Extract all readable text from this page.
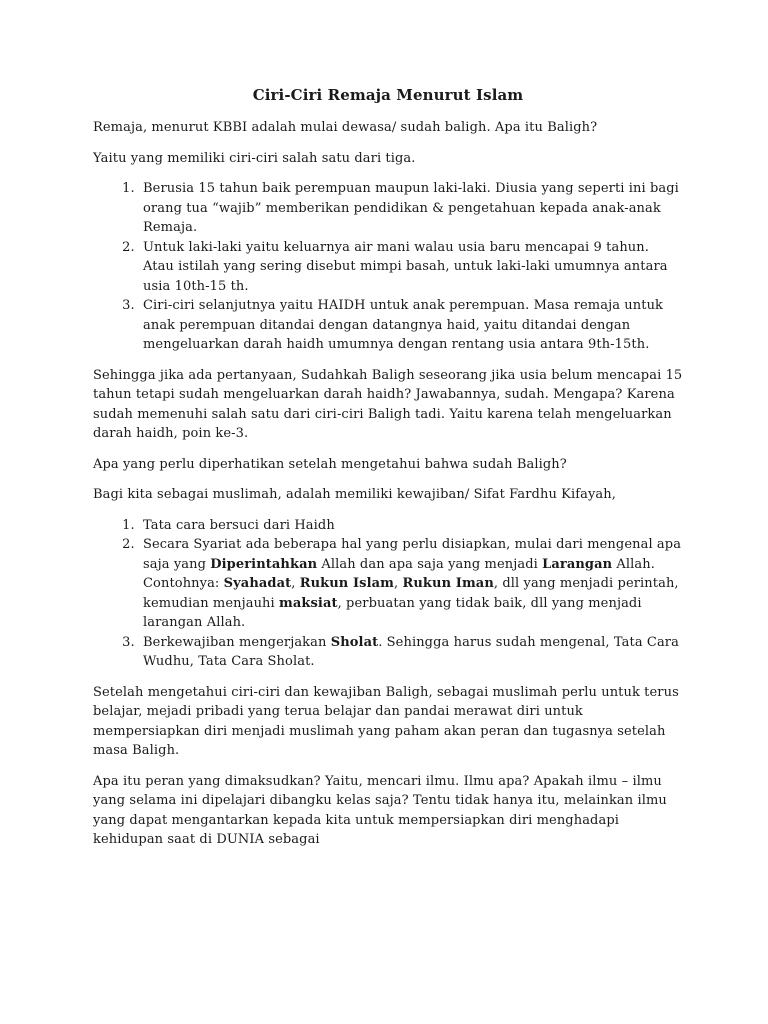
Ciri-Ciri Remaja Menurut Islam

Remaja, menurut KBBI adalah mulai dewasa/ sudah baligh. Apa itu Baligh?

Yaitu yang memiliki ciri-ciri salah satu dari tiga.

1. Berusia 15 tahun baik perempuan maupun laki-laki. Diusia yang seperti ini bagi orang tua “wajib” memberikan pendidikan & pengetahuan kepada anak-anak Remaja.
2. Untuk laki-laki yaitu keluarnya air mani walau usia baru mencapai 9 tahun. Atau istilah yang sering disebut mimpi basah, untuk laki-laki umumnya antara usia 10th-15 th.
3. Ciri-ciri selanjutnya yaitu HAIDH untuk anak perempuan. Masa remaja untuk anak perempuan ditandai dengan datangnya haid, yaitu ditandai dengan mengeluarkan darah haidh umumnya dengan rentang usia antara 9th-15th.

Sehingga jika ada pertanyaan, Sudahkah Baligh seseorang jika usia belum mencapai 15 tahun tetapi sudah mengeluarkan darah haidh? Jawabannya, sudah. Mengapa? Karena sudah memenuhi salah satu dari ciri-ciri Baligh tadi. Yaitu karena telah mengeluarkan darah haidh, poin ke-3.

Apa yang perlu diperhatikan setelah mengetahui bahwa sudah Baligh?

Bagi kita sebagai muslimah, adalah memiliki kewajiban/ Sifat Fardhu Kifayah,

1. Tata cara bersuci dari Haidh
2. Secara Syariat ada beberapa hal yang perlu disiapkan, mulai dari mengenal apa saja yang Diperintahkan Allah dan apa saja yang menjadi Larangan Allah. Contohnya: Syahadat, Rukun Islam, Rukun Iman, dll yang menjadi perintah, kemudian menjauhi maksiat, perbuatan yang tidak baik, dll yang menjadi larangan Allah.
3. Berkewajiban mengerjakan Sholat. Sehingga harus sudah mengenal, Tata Cara Wudhu, Tata Cara Sholat.

Setelah mengetahui ciri-ciri dan kewajiban Baligh, sebagai muslimah perlu untuk terus belajar, mejadi pribadi yang terua belajar dan pandai merawat diri untuk mempersiapkan diri menjadi muslimah yang paham akan peran dan tugasnya setelah masa Baligh.

Apa itu peran yang dimaksudkan? Yaitu, mencari ilmu. Ilmu apa? Apakah ilmu – ilmu yang selama ini dipelajari dibangku kelas saja? Tentu tidak hanya itu, melainkan ilmu yang dapat mengantarkan kepada kita untuk mempersiapkan diri menghadapi kehidupan saat di DUNIA sebagai
